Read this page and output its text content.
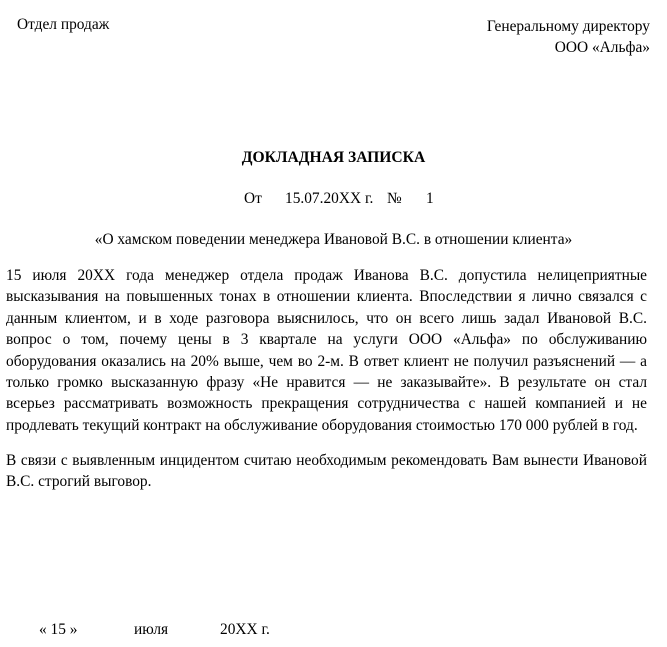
Отдел продаж	Генеральному директору
ООО «Альфа»
ДОКЛАДНАЯ ЗАПИСКА
От 15.07.20ХХ г. № 1
«О хамском поведении менеджера Ивановой В.С. в отношении клиента»
15 июля 20ХХ года менеджер отдела продаж Иванова В.С. допустила нелицеприятные высказывания на повышенных тонах в отношении клиента. Впоследствии я лично связался с данным клиентом, и в ходе разговора выяснилось, что он всего лишь задал Ивановой В.С. вопрос о том, почему цены в 3 квартале на услуги ООО «Альфа» по обслуживанию оборудования оказались на 20% выше, чем во 2-м. В ответ клиент не получил разъяснений — а только громко высказанную фразу «Не нравится — не заказывайте». В результате он стал всерьез рассматривать возможность прекращения сотрудничества с нашей компанией и не продлевать текущий контракт на обслуживание оборудования стоимостью 170 000 рублей в год.
В связи с выявленным инцидентом считаю необходимым рекомендовать Вам вынести Ивановой В.С. строгий выговор.
« 15 »	июля	20ХХ г.
